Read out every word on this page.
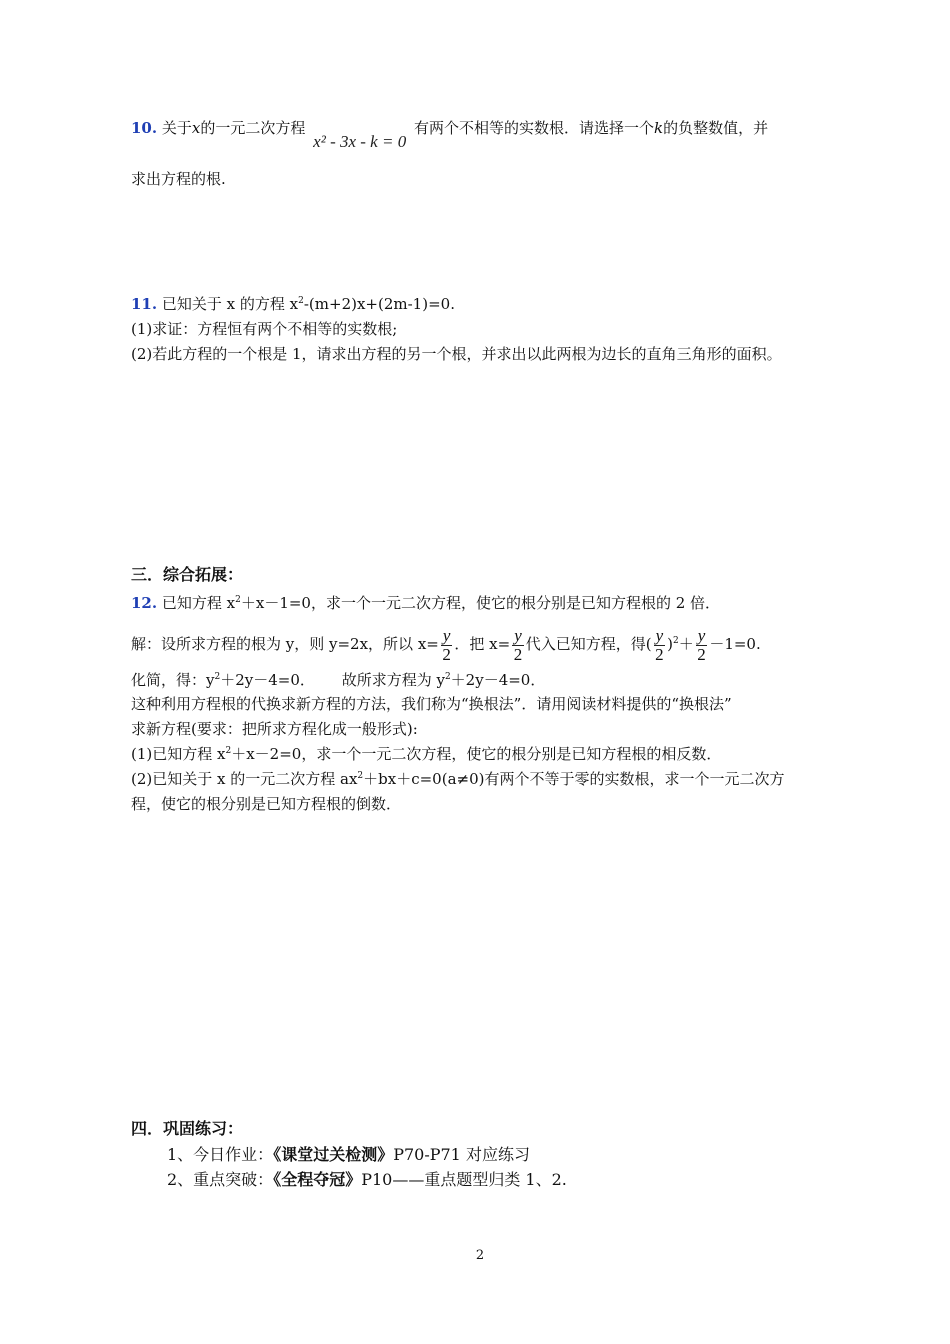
10. 关于x的一元二次方程 x² - 3x - k = 0 有两个不相等的实数根．请选择一个k的负整数值，并
求出方程的根.
11. 已知关于 x 的方程 $x^2-(m+2)x+(2m-1)=0$.
(1)求证：方程恒有两个不相等的实数根;
(2)若此方程的一个根是 1，请求出方程的另一个根，并求出以此两根为边长的直角三角形的面积。
三．综合拓展：
12. 已知方程 $x^2+x-1=0$，求一个一元二次方程，使它的根分别是已知方程根的 2 倍．
解：设所求方程的根为 y，则 y=2x，所以 $x= \frac{y}{2}$ ．把 $x= \frac{y}{2}$ 代入已知方程，得( $\frac{y}{2} )^2+ \frac{y}{2} -1=0$.
化简，得：$y^2+2y-4=0$． 故所求方程为 $y^2+2y-4=0$．
这种利用方程根的代换求新方程的方法，我们称为“换根法”．请用阅读材料提供的“换根法”
求新方程(要求：把所求方程化成一般形式):
(1)已知方程 $x^2+x-2=0$，求一个一元二次方程，使它的根分别是已知方程根的相反数．
(2)已知关于 x 的一元二次方程 $ax^2+bx+c=0(a\ne 0)$有两个不等于零的实数根，求一个一元二次方
程，使它的根分别是已知方程根的倒数．
四．巩固练习：
1、今日作业：《课堂过关检测》P70-P71 对应练习
2、重点突破：《全程夺冠》P10——重点题型归类 1、2.
2
